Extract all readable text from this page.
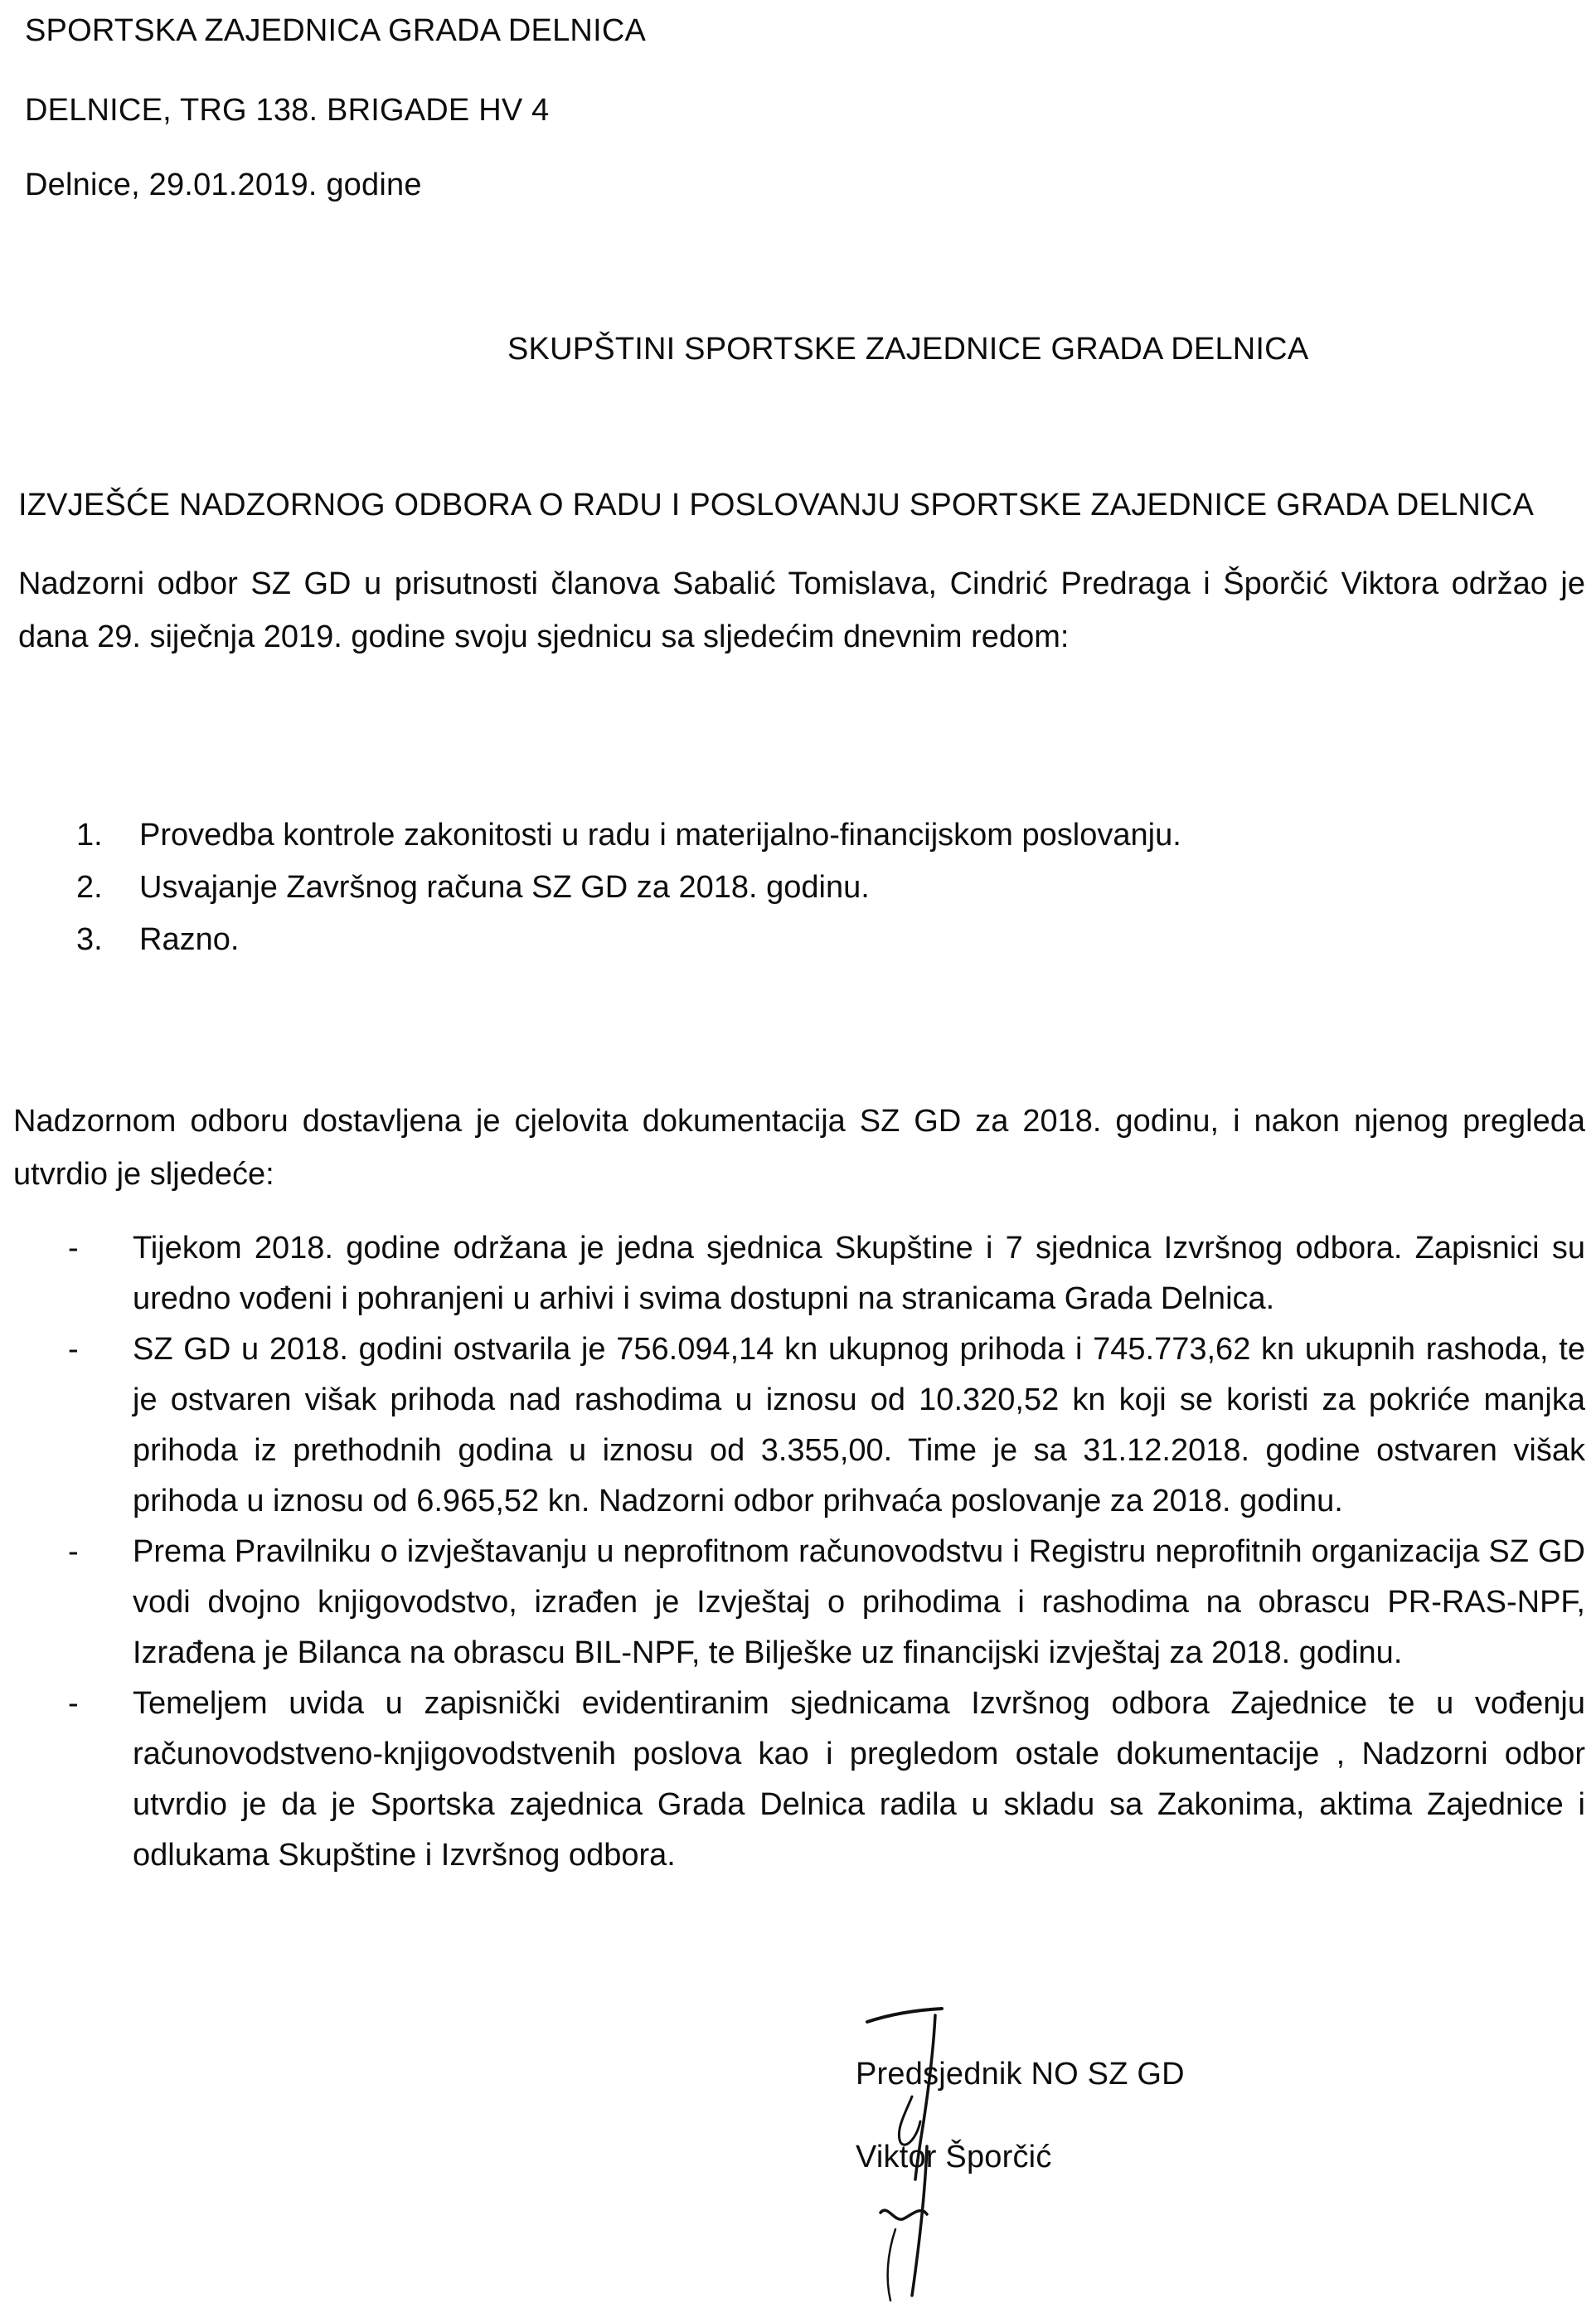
SPORTSKA ZAJEDNICA GRADA DELNICA
DELNICE, TRG 138. BRIGADE HV 4
Delnice, 29.01.2019. godine
SKUPŠTINI SPORTSKE ZAJEDNICE GRADA DELNICA
IZVJEŠĆE NADZORNOG ODBORA O RADU I POSLOVANJU SPORTSKE ZAJEDNICE GRADA DELNICA
Nadzorni odbor SZ GD u prisutnosti članova Sabalić Tomislava, Cindrić Predraga i Šporčić Viktora održao je dana 29. siječnja 2019. godine svoju sjednicu sa sljedećim dnevnim redom:
1.	Provedba kontrole zakonitosti u radu i materijalno-financijskom poslovanju.
2.	Usvajanje Završnog računa SZ GD za 2018. godinu.
3.	Razno.
Nadzornom odboru dostavljena je cjelovita dokumentacija SZ GD za 2018. godinu, i nakon njenog pregleda utvrdio je sljedeće:
-	Tijekom 2018. godine održana je jedna sjednica Skupštine i 7 sjednica Izvršnog odbora. Zapisnici su uredno vođeni i pohranjeni u arhivi i svima dostupni na stranicama Grada Delnica.
-	SZ GD u 2018. godini ostvarila je 756.094,14 kn ukupnog prihoda i 745.773,62 kn ukupnih rashoda, te je ostvaren višak prihoda nad rashodima u iznosu od 10.320,52 kn koji se koristi za pokriće manjka prihoda iz prethodnih godina u iznosu od 3.355,00. Time je sa 31.12.2018. godine ostvaren višak prihoda u iznosu od 6.965,52 kn. Nadzorni odbor prihvaća poslovanje za 2018. godinu.
-	Prema Pravilniku o izvještavanju u neprofitnom računovodstvu i Registru neprofitnih organizacija SZ GD vodi dvojno knjigovodstvo, izrađen je Izvještaj o prihodima i rashodima na obrascu PR-RAS-NPF, Izrađena je Bilanca na obrascu BIL-NPF, te Bilješke uz financijski izvještaj za 2018. godinu.
-	Temeljem uvida u zapisnički evidentiranim sjednicama Izvršnog odbora Zajednice te u vođenju računovodstveno-knjigovodstvenih poslova kao i pregledom ostale dokumentacije , Nadzorni odbor utvrdio je da je Sportska zajednica Grada Delnica radila u skladu sa Zakonima, aktima Zajednice i odlukama Skupštine i Izvršnog odbora.
Predsjednik NO SZ GD
Viktor Šporčić
